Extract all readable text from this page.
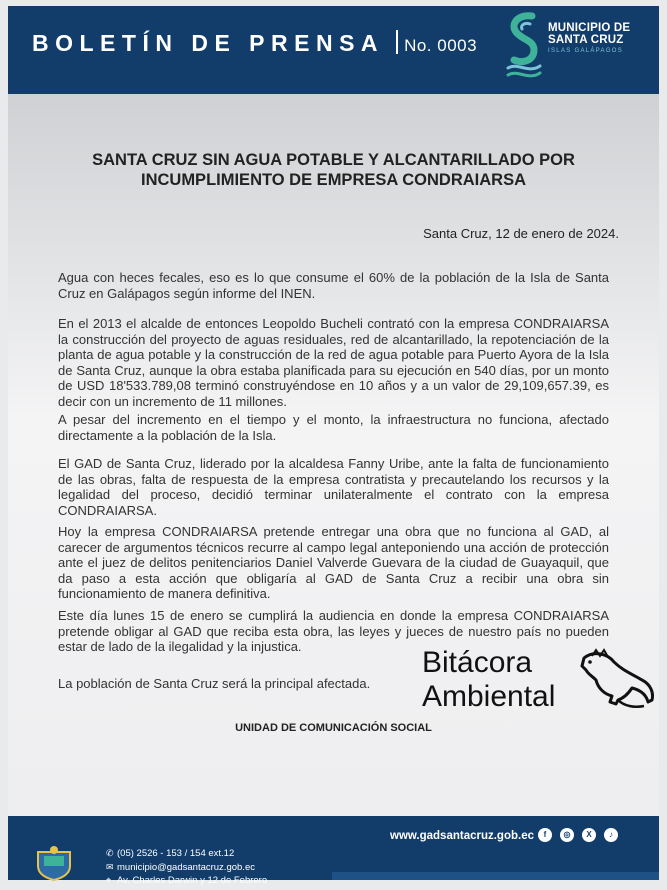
BOLETÍN DE PRENSA No. 0003
MUNICIPIO DE
SANTA CRUZ
ISLAS GALÁPAGOS
SANTA CRUZ SIN AGUA POTABLE Y ALCANTARILLADO POR
INCUMPLIMIENTO DE EMPRESA CONDRAIARSA
Santa Cruz, 12 de enero de 2024.

Agua con heces fecales, eso es lo que consume el 60% de la población de la Isla de Santa Cruz en Galápagos según informe del INEN.

En el 2013 el alcalde de entonces Leopoldo Bucheli contrató con la empresa CONDRAIARSA la construcción del proyecto de aguas residuales, red de alcantarillado, la repotenciación de la planta de agua potable y la construcción de la red de agua potable para Puerto Ayora de la Isla de Santa Cruz, aunque la obra estaba planificada para su ejecución en 540 días, por un monto de USD 18'533.789,08 terminó construyéndose en 10 años y a un valor de 29,109,657.39, es decir con un incremento de 11 millones.

A pesar del incremento en el tiempo y el monto, la infraestructura no funciona, afectado directamente a la población de la Isla.

El GAD de Santa Cruz, liderado por la alcaldesa Fanny Uribe, ante la falta de funcionamiento de las obras, falta de respuesta de la empresa contratista y precautelando los recursos y la legalidad del proceso, decidió terminar unilateralmente el contrato con la empresa CONDRAIARSA.

Hoy la empresa CONDRAIARSA pretende entregar una obra que no funciona al GAD, al carecer de argumentos técnicos recurre al campo legal anteponiendo una acción de protección ante el juez de delitos penitenciarios Daniel Valverde Guevara de la ciudad de Guayaquil, que da paso a esta acción que obligaría al GAD de Santa Cruz a recibir una obra sin funcionamiento de manera definitiva.

Este día lunes 15 de enero se cumplirá la audiencia en donde la empresa CONDRAIARSA pretende obligar al GAD que reciba esta obra, las leyes y jueces de nuestro país no pueden estar de lado de la ilegalidad y la injustica.

La población de Santa Cruz será la principal afectada.

UNIDAD DE COMUNICACIÓN SOCIAL
Bitácora
Ambiental
www.gadsantacruz.gob.ec	f	◎	X	♪
✆ (05) 2526 - 153 / 154 ext.12
✉ municipio@gadsantacruz.gob.ec
⌖ Av. Charles Darwin y 12 de Febrero
